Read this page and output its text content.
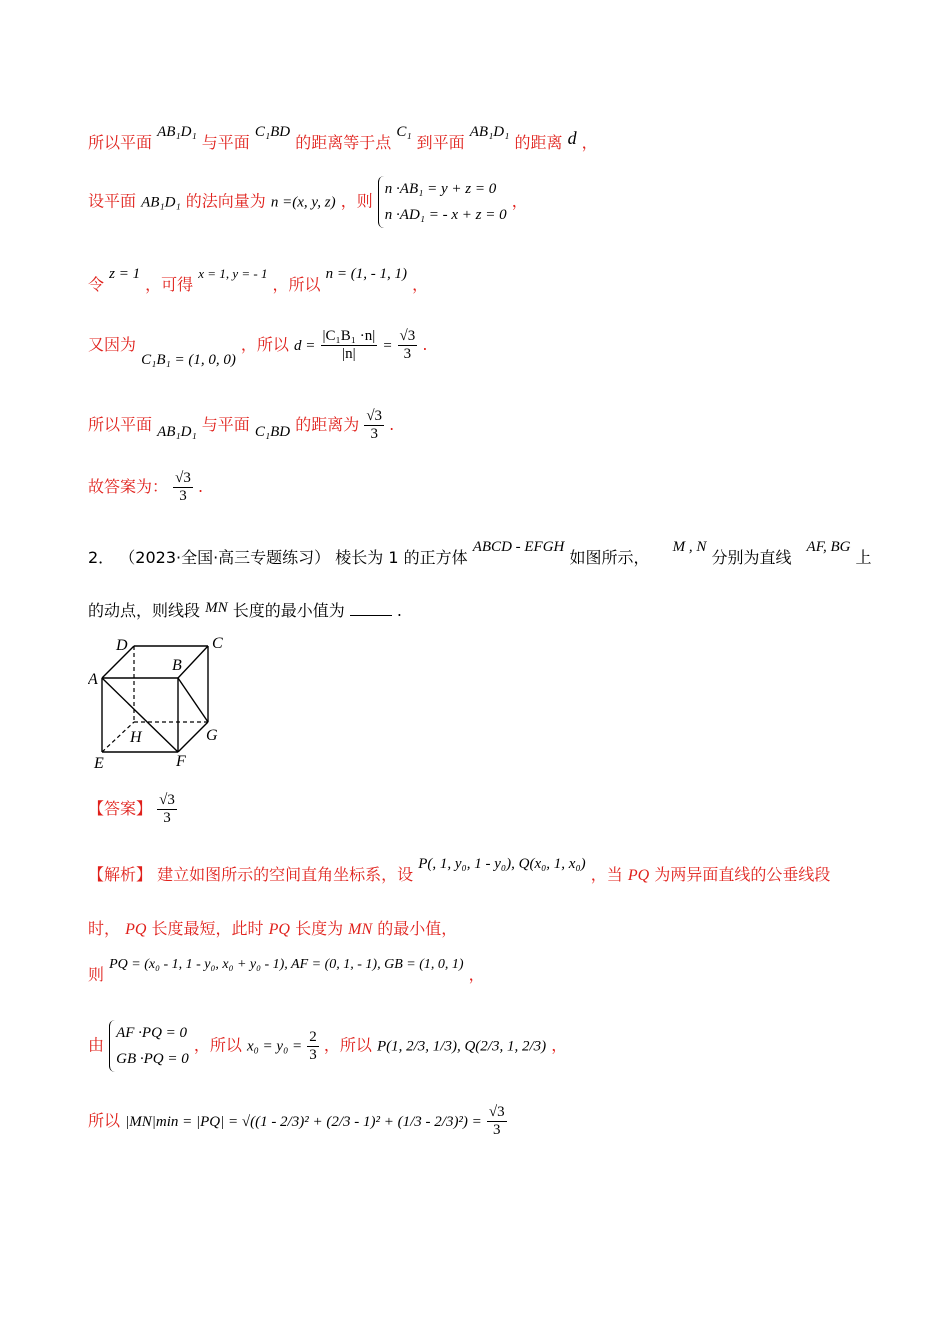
所以平面 AB₁D₁ 与平面 C₁BD 的距离等于点 C₁ 到平面 AB₁D₁ 的距离 d ，
设平面 AB₁D₁ 的法向量为 n =(x, y, z) ，则
n ·AB₁ = y + z = 0
n ·AD₁ = - x + z = 0
，
令 z = 1 ，可得 $^{x = 1, y = - 1}$ ，所以 n = (1, - 1, 1) ，
又因为 C₁B₁ = (1, 0, 0) ，所以 $d = \frac{\text{|C₁B₁ ·n|}}{|n|} = \frac{√3}{3}$ .
所以平面 AB₁D₁ 与平面 C₁BD 的距离为 $\frac{√3}{3}$ .
故答案为： $\frac{√3}{3}$ .
2． （2023·全国·高三专题练习） 棱长为 1 的正方体 ABCD - EFGH 如图所示， M , N 分别为直线 AF, BG 上
的动点，则线段 MN 长度的最小值为	.
D	C
B
A
H	G
E	F
【答案】 $\frac{√3}{3}$
【解析】 建立如图所示的空间直角坐标系，设 P(, 1, y₀, 1 - y₀), Q(x₀, 1, x₀) ，当 PQ 为两异面直线的公垂线段
时， PQ 长度最短，此时 PQ 长度为 MN 的最小值，
则 PQ = (x₀ - 1, 1 - y₀, x₀ + y₀ - 1), AF = (0, 1, - 1), GB = (1, 0, 1) ，
由
AF ·PQ = 0
GB ·PQ = 0
，所以 $x_0 = y_0 = \frac{2}{3}$ ，所以 P(1, 2/3, 1/3), Q(2/3, 1, 2/3) ，
所以 $|MN|\min = |PQ| = √((1 - 2/3)^2 + (2/3 - 1)^2 + (1/3 - 2/3)^2) = \frac{√3}{3}$
